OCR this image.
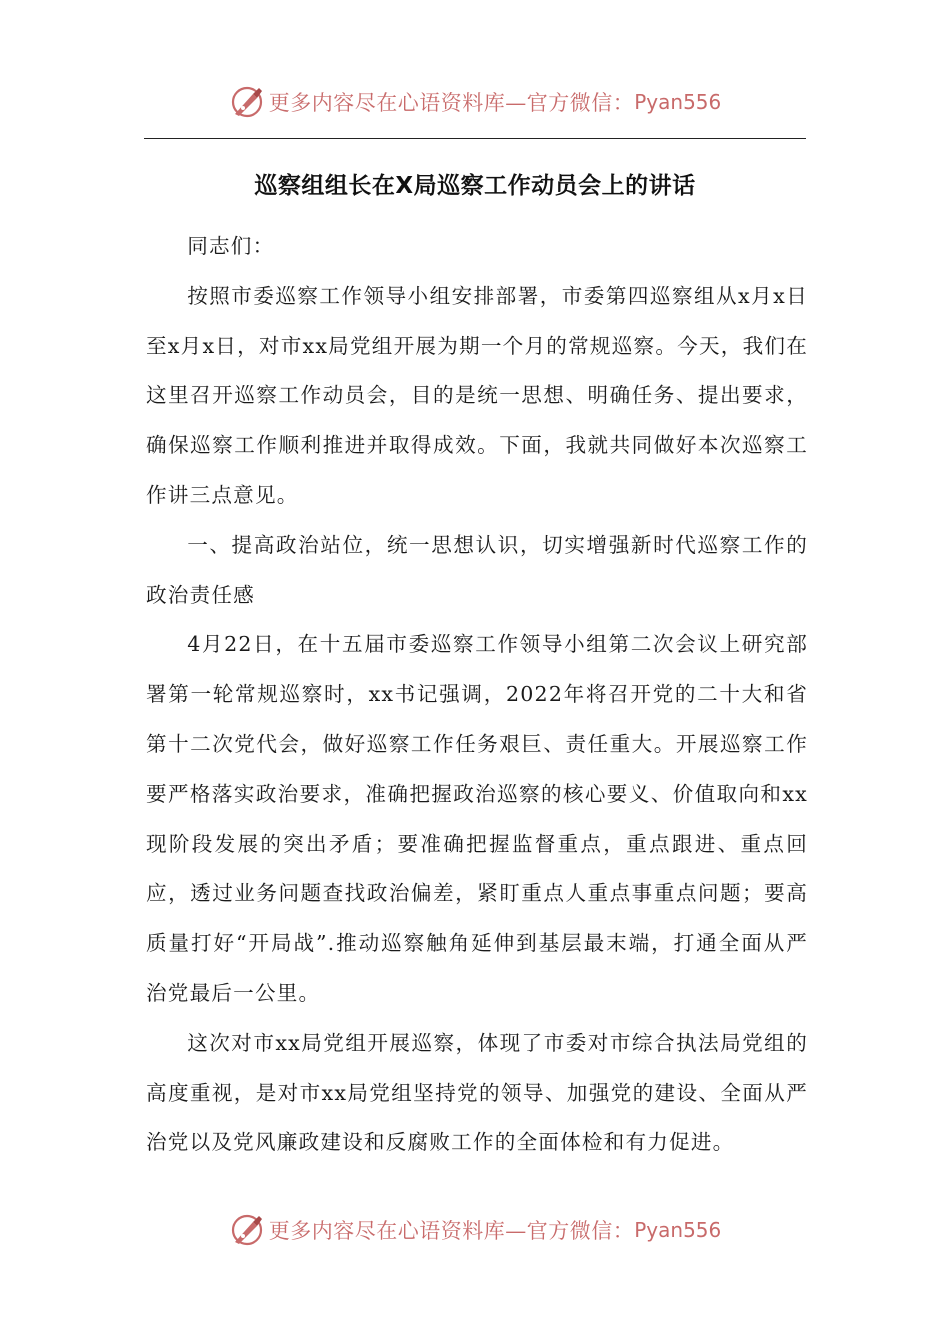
更多内容尽在心语资料库—官方微信： Pyan556
巡察组组长在X局巡察工作动员会上的讲话

同志们：

按照市委巡察工作领导小组安排部署，市委第四巡察组从x月x日至x月x日，对市xx局党组开展为期一个月的常规巡察。今天，我们在这里召开巡察工作动员会，目的是统一思想、明确任务、提出要求，确保巡察工作顺利推进并取得成效。下面，我就共同做好本次巡察工作讲三点意见。

一、提高政治站位，统一思想认识，切实增强新时代巡察工作的政治责任感

4月22日，在十五届市委巡察工作领导小组第二次会议上研究部署第一轮常规巡察时，xx书记强调，2022年将召开党的二十大和省第十二次党代会，做好巡察工作任务艰巨、责任重大。开展巡察工作要严格落实政治要求，准确把握政治巡察的核心要义、价值取向和xx现阶段发展的突出矛盾；要准确把握监督重点，重点跟进、重点回应，透过业务问题查找政治偏差，紧盯重点人重点事重点问题；要高质量打好“开局战”.推动巡察触角延伸到基层最末端，打通全面从严治党最后一公里。

这次对市xx局党组开展巡察，体现了市委对市综合执法局党组的高度重视，是对市xx局党组坚持党的领导、加强党的建设、全面从严治党以及党风廉政建设和反腐败工作的全面体检和有力促进。

更多内容尽在心语资料库—官方微信： Pyan556
